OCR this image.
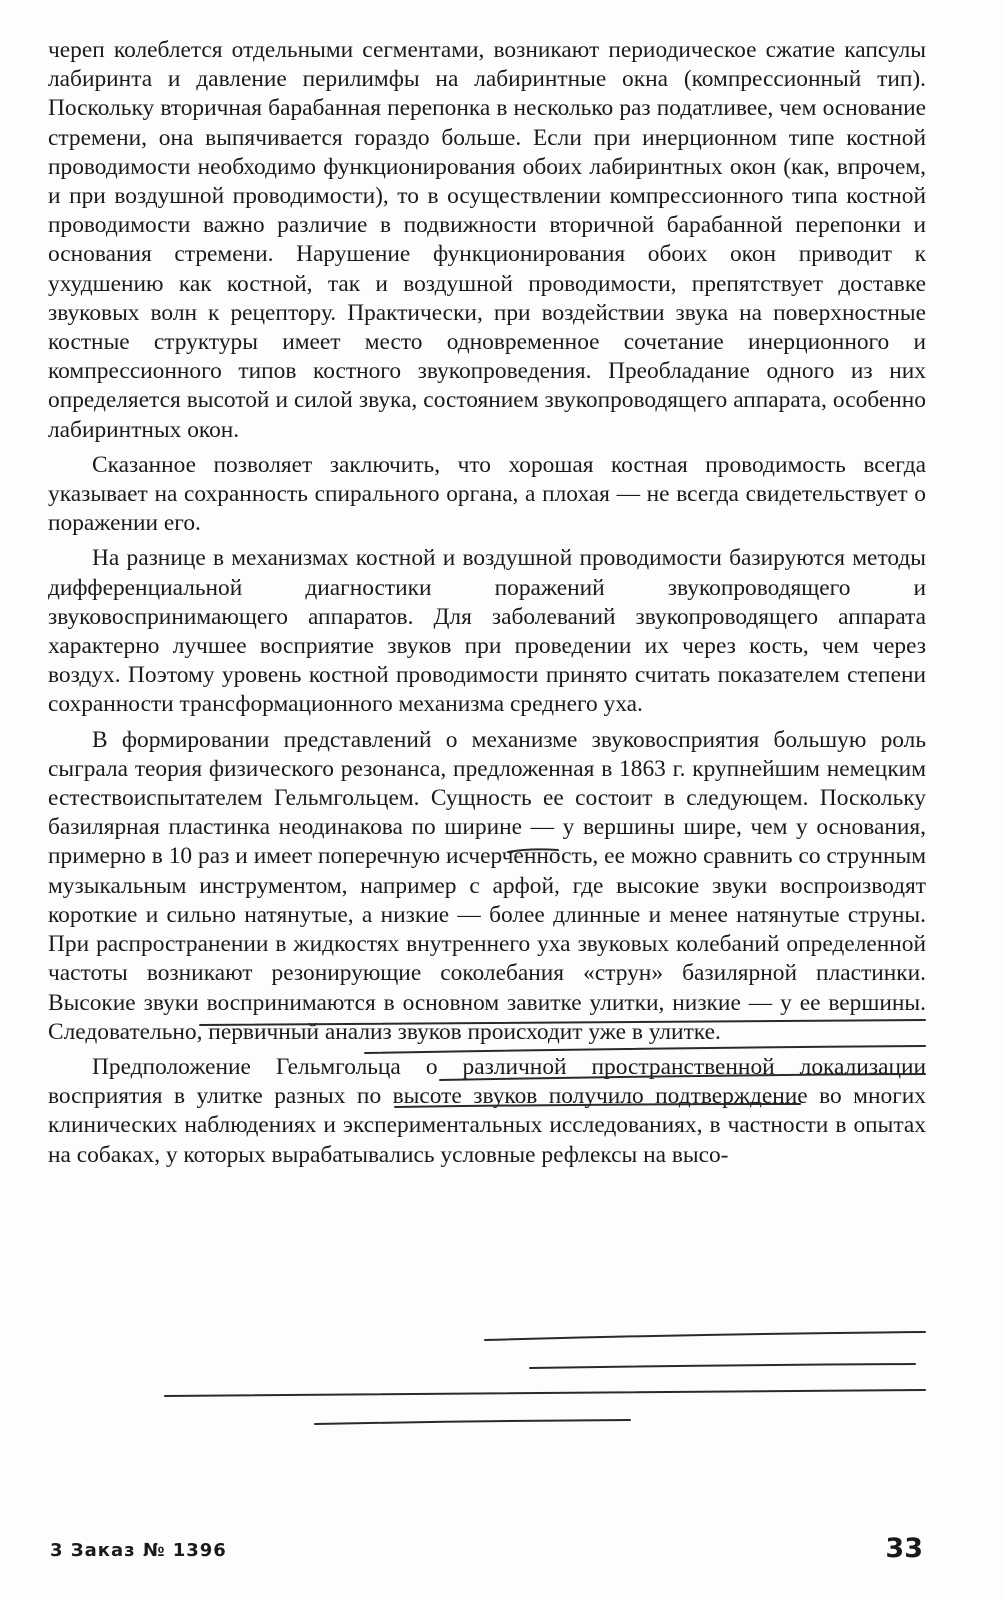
череп колеблется отдельными сегментами, возникают периодическое сжатие капсулы лабиринта и давление перилимфы на лабиринтные окна (компрессионный тип). Поскольку вторичная барабанная перепонка в несколько раз податливее, чем основание стремени, она выпячивается гораздо больше. Если при инерционном типе костной проводимости необходимо функционирования обоих лабиринтных окон (как, впрочем, и при воздушной проводимости), то в осуществлении компрессионного типа костной проводимости важно различие в подвижности вторичной барабанной перепонки и основания стремени. Нарушение функционирования обоих окон приводит к ухудшению как костной, так и воздушной проводимости, препятствует доставке звуковых волн к рецептору. Практически, при воздействии звука на поверхностные костные структуры имеет место одновременное сочетание инерционного и компрессионного типов костного звукопроведения. Преобладание одного из них определяется высотой и силой звука, состоянием звукопроводящего аппарата, особенно лабиринтных окон.

Сказанное позволяет заключить, что хорошая костная проводимость всегда указывает на сохранность спирального органа, а плохая — не всегда свидетельствует о поражении его.

На разнице в механизмах костной и воздушной проводимости базируются методы дифференциальной диагностики поражений звукопроводящего и звуковоспринимающего аппаратов. Для заболеваний звукопроводящего аппарата характерно лучшее восприятие звуков при проведении их через кость, чем через воздух. Поэтому уровень костной проводимости принято считать показателем степени сохранности трансформационного механизма среднего уха.

В формировании представлений о механизме звуковосприятия большую роль сыграла теория физического резонанса, предложенная в 1863 г. крупнейшим немецким естествоиспытателем Гельмгольцем. Сущность ее состоит в следующем. Поскольку базилярная пластинка неодинакова по ширине — у вершины шире, чем у основания, примерно в 10 раз и имеет поперечную исчерченность, ее можно сравнить со струнным музыкальным инструментом, например с арфой, где высокие звуки воспроизводят короткие и сильно натянутые, а низкие — более длинные и менее натянутые струны. При распространении в жидкостях внутреннего уха звуковых колебаний определенной частоты возникают резонирующие соколебания «струн» базилярной пластинки. Высокие звуки воспринимаются в основном завитке улитки, низкие — у ее вершины. Следовательно, первичный анализ звуков происходит уже в улитке.

Предположение Гельмгольца о различной пространственной локализации восприятия в улитке разных по высоте звуков получило подтверждение во многих клинических наблюдениях и экспериментальных исследованиях, в частности в опытах на собаках, у которых вырабатывались условные рефлексы на высо-

3 Заказ № 1396	33
